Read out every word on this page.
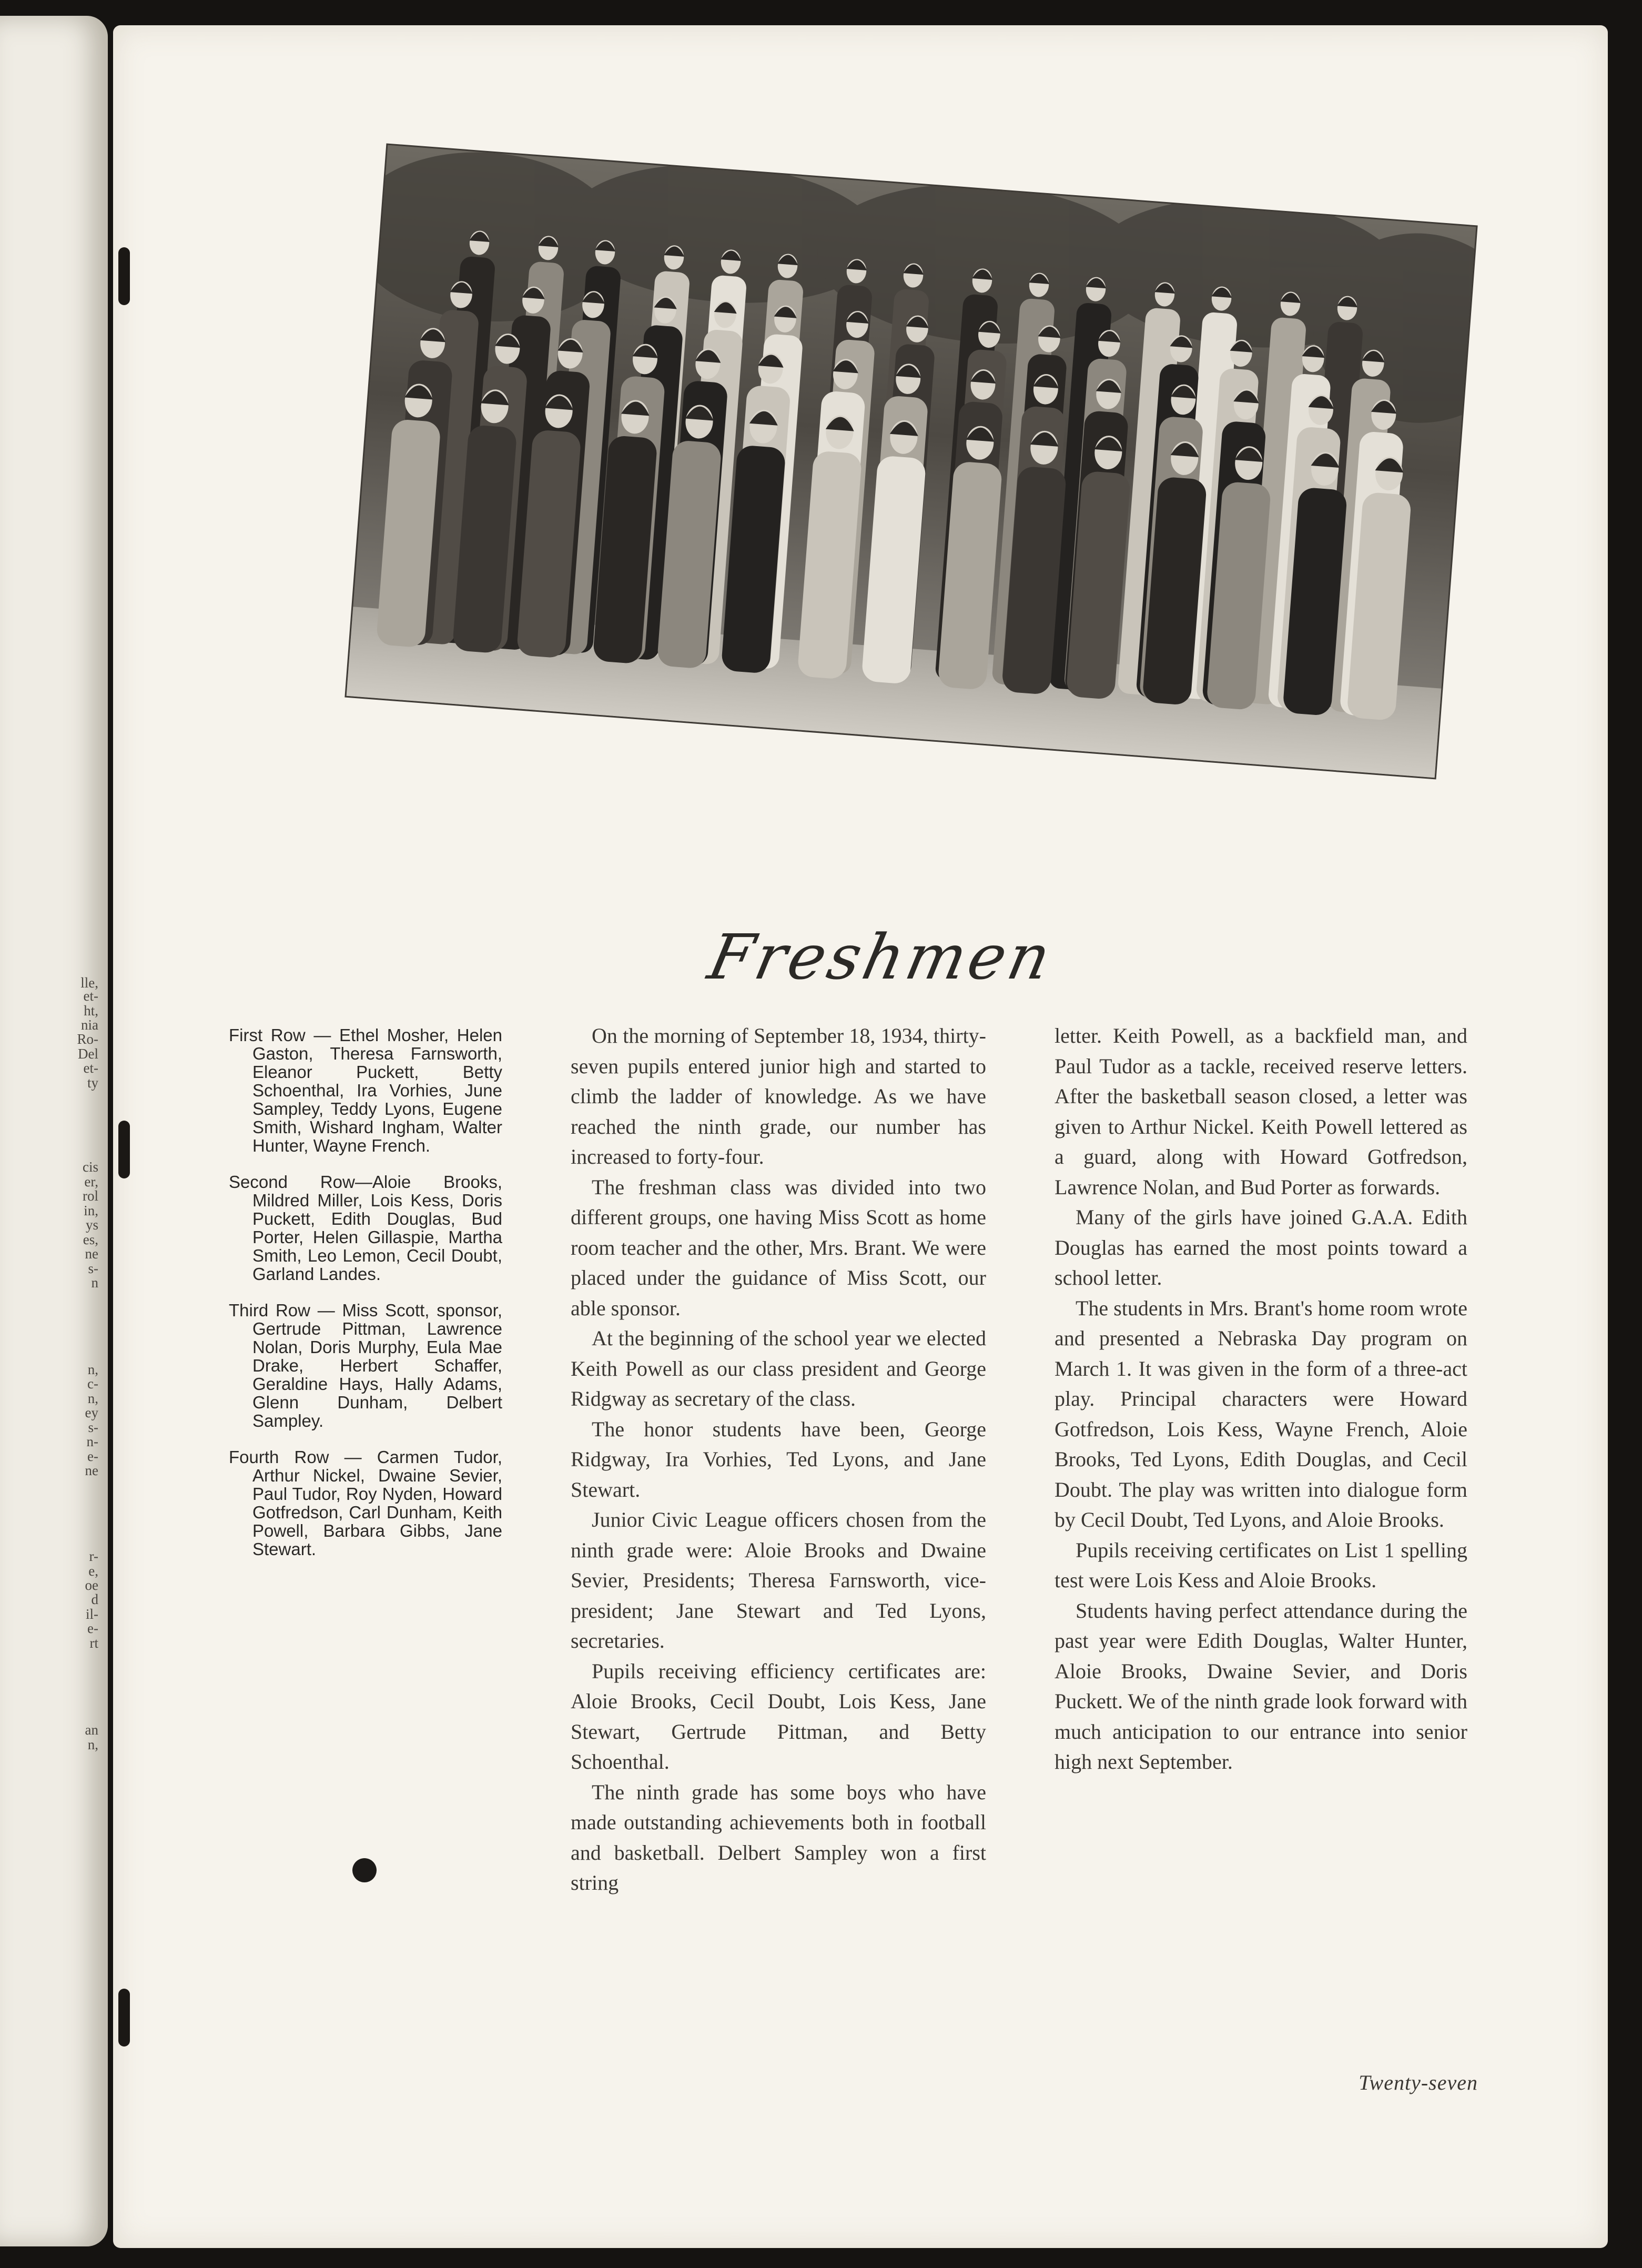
lle,
et-
ht,
nia
Ro-
Del
et-
ty
cis
er,
rol
in,
ys
es,
ne
s-
n
n,
c-
n,
ey
s-
n-
e-
ne
r-
e,
oe
d
il-
e-
rt
an
n,
Freshmen

First Row — Ethel Mosher, Helen Gaston, Theresa Farnsworth, Eleanor Puckett, Betty Schoenthal, Ira Vorhies, June Sampley, Teddy Lyons, Eugene Smith, Wishard Ingham, Walter Hunter, Wayne French.

Second Row—Aloie Brooks, Mildred Miller, Lois Kess, Doris Puckett, Edith Douglas, Bud Porter, Helen Gillaspie, Martha Smith, Leo Lemon, Cecil Doubt, Garland Landes.

Third Row — Miss Scott, sponsor, Gertrude Pittman, Lawrence Nolan, Doris Murphy, Eula Mae Drake, Herbert Schaffer, Geraldine Hays, Hally Adams, Glenn Dunham, Delbert Sampley.

Fourth Row — Carmen Tudor, Arthur Nickel, Dwaine Sevier, Paul Tudor, Roy Nyden, Howard Gotfredson, Carl Dunham, Keith Powell, Barbara Gibbs, Jane Stewart.

On the morning of September 18, 1934, thirty-seven pupils entered junior high and started to climb the ladder of knowledge. As we have reached the ninth grade, our number has increased to forty-four.

The freshman class was divided into two different groups, one having Miss Scott as home room teacher and the other, Mrs. Brant. We were placed under the guidance of Miss Scott, our able sponsor.

At the beginning of the school year we elected Keith Powell as our class president and George Ridgway as secretary of the class.

The honor students have been, George Ridgway, Ira Vorhies, Ted Lyons, and Jane Stewart.

Junior Civic League officers chosen from the ninth grade were: Aloie Brooks and Dwaine Sevier, Presidents; Theresa Farnsworth, vice-president; Jane Stewart and Ted Lyons, secretaries.

Pupils receiving efficiency certificates are: Aloie Brooks, Cecil Doubt, Lois Kess, Jane Stewart, Gertrude Pittman, and Betty Schoenthal.

The ninth grade has some boys who have made outstanding achievements both in football and basketball. Delbert Sampley won a first string

letter. Keith Powell, as a backfield man, and Paul Tudor as a tackle, received reserve letters. After the basketball season closed, a letter was given to Arthur Nickel. Keith Powell lettered as a guard, along with Howard Gotfredson, Lawrence Nolan, and Bud Porter as forwards.

Many of the girls have joined G.A.A. Edith Douglas has earned the most points toward a school letter.

The students in Mrs. Brant's home room wrote and presented a Nebraska Day program on March 1. It was given in the form of a three-act play. Principal characters were Howard Gotfredson, Lois Kess, Wayne French, Aloie Brooks, Ted Lyons, Edith Douglas, and Cecil Doubt. The play was written into dialogue form by Cecil Doubt, Ted Lyons, and Aloie Brooks.

Pupils receiving certificates on List 1 spelling test were Lois Kess and Aloie Brooks.

Students having perfect attendance during the past year were Edith Douglas, Walter Hunter, Aloie Brooks, Dwaine Sevier, and Doris Puckett. We of the ninth grade look forward with much anticipation to our entrance into senior high next September.

Twenty-seven
